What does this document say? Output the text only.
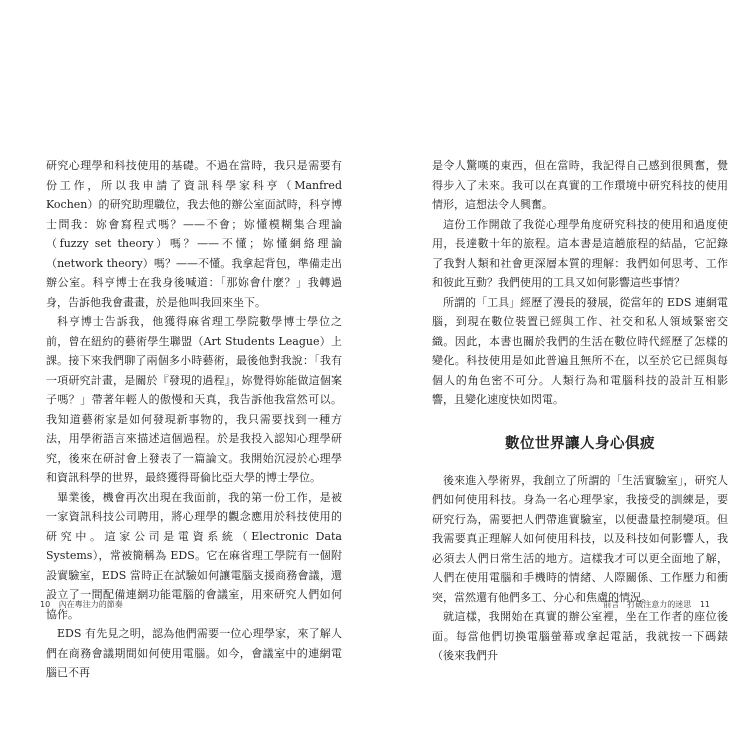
研究心理學和科技使用的基礎。不過在當時，我只是需要有份工作，所以我申請了資訊科學家科亨（Manfred Kochen）的研究助理職位，我去他的辦公室面試時，科亨博士問我：妳會寫程式嗎？——不會；妳懂模糊集合理論（fuzzy set theory）嗎？——不懂；妳懂網絡理論（network theory）嗎？——不懂。我拿起背包，準備走出辦公室。科亨博士在我身後喊道：「那妳會什麼？」我轉過身，告訴他我會畫畫，於是他叫我回來坐下。

科亨博士告訴我，他獲得麻省理工學院數學博士學位之前，曾在紐約的藝術學生聯盟（Art Students League）上課。接下來我們聊了兩個多小時藝術，最後他對我說：「我有一項研究計畫，是關於『發現的過程』，妳覺得妳能做這個案子嗎？」帶著年輕人的傲慢和天真，我告訴他我當然可以。我知道藝術家是如何發現新事物的，我只需要找到一種方法，用學術語言來描述這個過程。於是我投入認知心理學研究，後來在研討會上發表了一篇論文。我開始沉浸於心理學和資訊科學的世界，最終獲得哥倫比亞大學的博士學位。

畢業後，機會再次出現在我面前，我的第一份工作，是被一家資訊科技公司聘用，將心理學的觀念應用於科技使用的研究中。這家公司是電資系統（Electronic Data Systems），常被簡稱為 EDS。它在麻省理工學院有一個附設實驗室，EDS 當時正在試驗如何讓電腦支援商務會議，還設立了一間配備連網功能電腦的會議室，用來研究人們如何協作。

EDS 有先見之明，認為他們需要一位心理學家，來了解人們在商務會議期間如何使用電腦。如今，會議室中的連網電腦已不再

10 內在專注力的節奏

是令人驚嘆的東西，但在當時，我記得自己感到很興奮，覺得步入了未來。我可以在真實的工作環境中研究科技的使用情形，這想法令人興奮。

這份工作開啟了我從心理學角度研究科技的使用和過度使用，長達數十年的旅程。這本書是這趟旅程的結晶，它記錄了我對人類和社會更深層本質的理解：我們如何思考、工作和彼此互動？我們使用的工具又如何影響這些事情？

所謂的「工具」經歷了漫長的發展，從當年的 EDS 連網電腦，到現在數位裝置已經與工作、社交和私人領域緊密交織。因此，本書也關於我們的生活在數位時代經歷了怎樣的變化。科技使用是如此普遍且無所不在，以至於它已經與每個人的角色密不可分。人類行為和電腦科技的設計互相影響，且變化速度快如閃電。

數位世界讓人身心俱疲

後來進入學術界，我創立了所謂的「生活實驗室」，研究人們如何使用科技。身為一名心理學家，我接受的訓練是，要研究行為，需要把人們帶進實驗室，以便盡量控制變項。但我需要真正理解人如何使用科技，以及科技如何影響人，我必須去人們日常生活的地方。這樣我才可以更全面地了解，人們在使用電腦和手機時的情緒、人際關係、工作壓力和衝突，當然還有他們多工、分心和焦慮的情況。

就這樣，我開始在真實的辦公室裡，坐在工作者的座位後面。每當他們切換電腦螢幕或拿起電話，我就按一下碼錶（後來我們升

前言　打破注意力的迷思 11
